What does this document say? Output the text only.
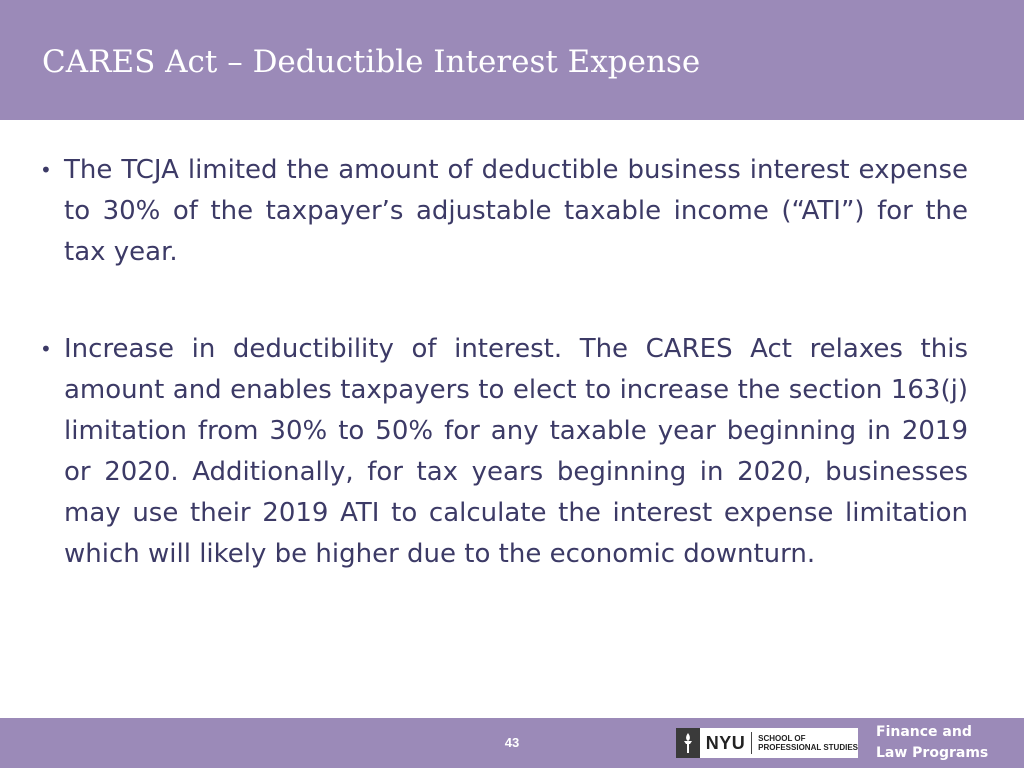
CARES Act – Deductible Interest Expense
• The TCJA limited the amount of deductible business interest expense to 30% of the taxpayer’s adjustable taxable income (“ATI”) for the tax year.
• Increase in deductibility of interest. The CARES Act relaxes this amount and enables taxpayers to elect to increase the section 163(j) limitation from 30% to 50% for any taxable year beginning in 2019 or 2020. Additionally, for tax years beginning in 2020, businesses may use their 2019 ATI to calculate the interest expense limitation which will likely be higher due to the economic downturn.
43	NYU SCHOOL OF
PROFESSIONAL STUDIES
Finance and
Law Programs
